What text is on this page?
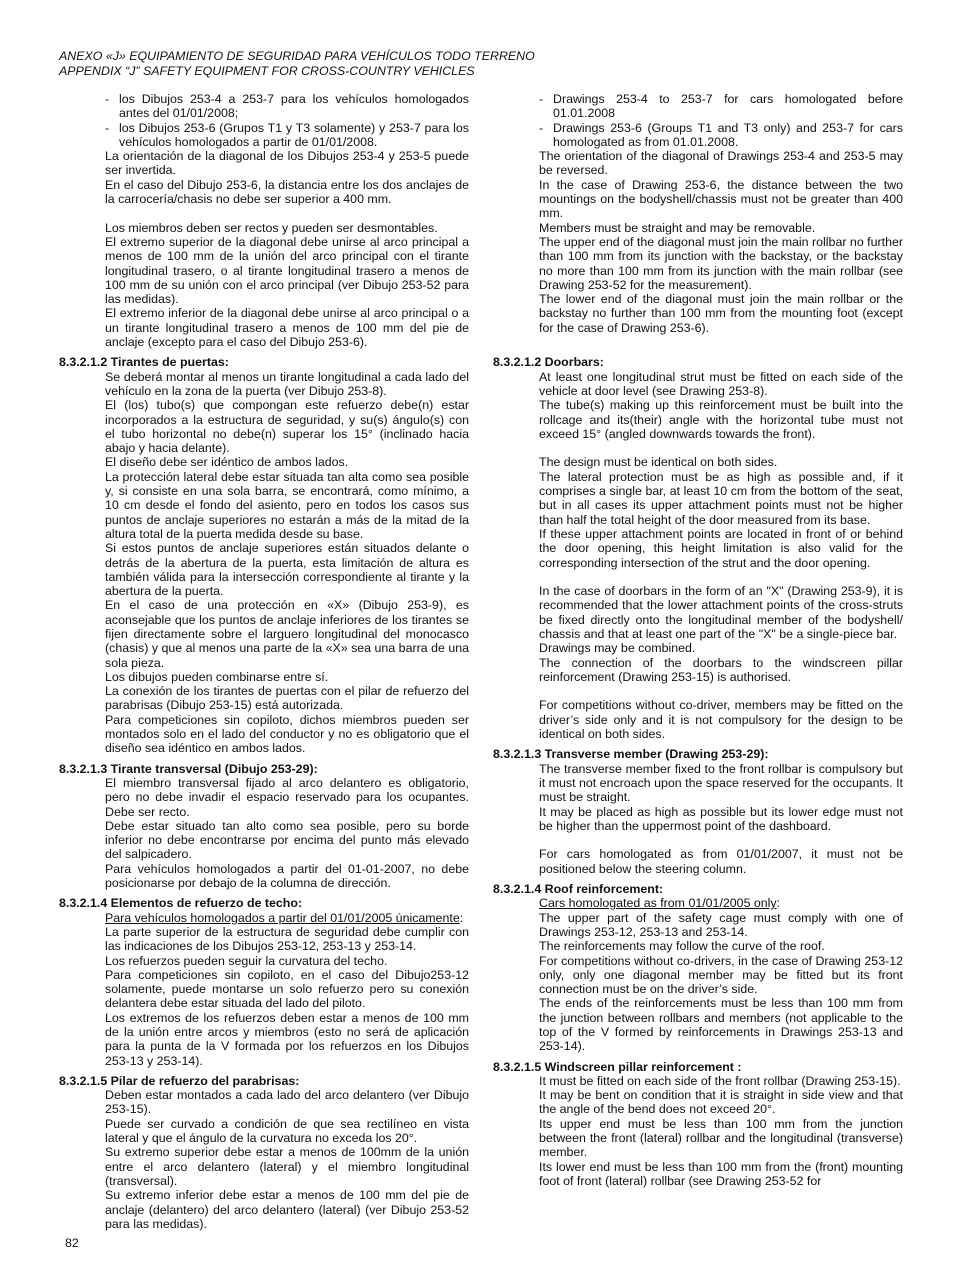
ANEXO «J» EQUIPAMIENTO DE SEGURIDAD PARA VEHÍCULOS TODO TERRENO
APPENDIX “J” SAFETY EQUIPMENT FOR CROSS-COUNTRY VEHICLES
- los Dibujos 253-4 a 253-7 para los vehículos homologados antes del 01/01/2008;
- los Dibujos 253-6 (Grupos T1 y T3 solamente) y 253-7 para los vehículos homologados a partir de 01/01/2008.
La orientación de la diagonal de los Dibujos 253-4 y 253-5 puede ser invertida.
En el caso del Dibujo 253-6, la distancia entre los dos anclajes de la carrocería/chasis no debe ser superior a 400 mm.
Los miembros deben ser rectos y pueden ser desmontables.
El extremo superior de la diagonal debe unirse al arco principal a menos de 100 mm de la unión del arco principal con el tirante longitudinal trasero, o al tirante longitudinal trasero a menos de 100 mm de su unión con el arco principal (ver Dibujo 253-52 para las medidas).
El extremo inferior de la diagonal debe unirse al arco principal o a un tirante longitudinal trasero a menos de 100 mm del pie de anclaje (excepto para el caso del Dibujo 253-6).
8.3.2.1.2 Tirantes de puertas:
Se deberá montar al menos un tirante longitudinal a cada lado del vehículo en la zona de la puerta (ver Dibujo 253-8).
El (los) tubo(s) que compongan este refuerzo debe(n) estar incorporados a la estructura de seguridad, y su(s) ángulo(s) con el tubo horizontal no debe(n) superar los 15° (inclinado hacia abajo y hacia delante).
El diseño debe ser idéntico de ambos lados.
La protección lateral debe estar situada tan alta como sea posible y, si consiste en una sola barra, se encontrará, como mínimo, a 10 cm desde el fondo del asiento, pero en todos los casos sus puntos de anclaje superiores no estarán a más de la mitad de la altura total de la puerta medida desde su base.
Si estos puntos de anclaje superiores están situados delante o detrás de la abertura de la puerta, esta limitación de altura es también válida para la intersección correspondiente al tirante y la abertura de la puerta.
En el caso de una protección en «X» (Dibujo 253-9), es aconsejable que los puntos de anclaje inferiores de los tirantes se fijen directamente sobre el larguero longitudinal del monocasco (chasis) y que al menos una parte de la «X» sea una barra de una sola pieza.
Los dibujos pueden combinarse entre sí.
La conexión de los tirantes de puertas con el pilar de refuerzo del parabrisas (Dibujo 253-15) está autorizada.
Para competiciones sin copiloto, dichos miembros pueden ser montados solo en el lado del conductor y no es obligatorio que el diseño sea idéntico en ambos lados.
8.3.2.1.3 Tirante transversal (Dibujo 253-29):
El miembro transversal fijado al arco delantero es obligatorio, pero no debe invadir el espacio reservado para los ocupantes. Debe ser recto.
Debe estar situado tan alto como sea posible, pero su borde inferior no debe encontrarse por encima del punto más elevado del salpicadero.
Para vehículos homologados a partir del 01-01-2007, no debe posicionarse por debajo de la columna de dirección.
8.3.2.1.4 Elementos de refuerzo de techo:
Para vehículos homologados a partir del 01/01/2005 únicamente:
La parte superior de la estructura de seguridad debe cumplir con las indicaciones de los Dibujos 253-12, 253-13 y 253-14.
Los refuerzos pueden seguir la curvatura del techo.
Para competiciones sin copiloto, en el caso del Dibujo253-12 solamente, puede montarse un solo refuerzo pero su conexión delantera debe estar situada del lado del piloto.
Los extremos de los refuerzos deben estar a menos de 100 mm de la unión entre arcos y miembros (esto no será de aplicación para la punta de la V formada por los refuerzos en los Dibujos 253-13 y 253-14).
8.3.2.1.5 Pilar de refuerzo del parabrisas:
Deben estar montados a cada lado del arco delantero (ver Dibujo 253-15).
Puede ser curvado a condición de que sea rectilíneo en vista lateral y que el ángulo de la curvatura no exceda los 20°.
Su extremo superior debe estar a menos de 100mm de la unión entre el arco delantero (lateral) y el miembro longitudinal (transversal).
Su extremo inferior debe estar a menos de 100 mm del pie de anclaje (delantero) del arco delantero (lateral) (ver Dibujo 253-52 para las medidas).
- Drawings 253-4 to 253-7 for cars homologated before 01.01.2008
- Drawings 253-6 (Groups T1 and T3 only) and 253-7 for cars homologated as from 01.01.2008.
The orientation of the diagonal of Drawings 253-4 and 253-5 may be reversed.
In the case of Drawing 253-6, the distance between the two mountings on the bodyshell/chassis must not be greater than 400 mm.
Members must be straight and may be removable.
The upper end of the diagonal must join the main rollbar no further than 100 mm from its junction with the backstay, or the backstay no more than 100 mm from its junction with the main rollbar (see Drawing 253-52 for the measurement).
The lower end of the diagonal must join the main rollbar or the backstay no further than 100 mm from the mounting foot (except for the case of Drawing 253-6).
8.3.2.1.2 Doorbars:
At least one longitudinal strut must be fitted on each side of the vehicle at door level (see Drawing 253-8).
The tube(s) making up this reinforcement must be built into the rollcage and its(their) angle with the horizontal tube must not exceed 15° (angled downwards towards the front).
The design must be identical on both sides.
The lateral protection must be as high as possible and, if it comprises a single bar, at least 10 cm from the bottom of the seat, but in all cases its upper attachment points must not be higher than half the total height of the door measured from its base.
If these upper attachment points are located in front of or behind the door opening, this height limitation is also valid for the corresponding intersection of the strut and the door opening.
In the case of doorbars in the form of an "X" (Drawing 253-9), it is recommended that the lower attachment points of the cross-struts be fixed directly onto the longitudinal member of the bodyshell/ chassis and that at least one part of the "X" be a single-piece bar.
Drawings may be combined.
The connection of the doorbars to the windscreen pillar reinforcement (Drawing 253-15) is authorised.
For competitions without co-driver, members may be fitted on the driver’s side only and it is not compulsory for the design to be identical on both sides.
8.3.2.1.3 Transverse member (Drawing 253-29):
The transverse member fixed to the front rollbar is compulsory but it must not encroach upon the space reserved for the occupants. It must be straight.
It may be placed as high as possible but its lower edge must not be higher than the uppermost point of the dashboard.
For cars homologated as from 01/01/2007, it must not be positioned below the steering column.
8.3.2.1.4 Roof reinforcement:
Cars homologated as from 01/01/2005 only:
The upper part of the safety cage must comply with one of Drawings 253-12, 253-13 and 253-14.
The reinforcements may follow the curve of the roof.
For competitions without co-drivers, in the case of Drawing 253-12 only, only one diagonal member may be fitted but its front connection must be on the driver’s side.
The ends of the reinforcements must be less than 100 mm from the junction between rollbars and members (not applicable to the top of the V formed by reinforcements in Drawings 253-13 and 253-14).
8.3.2.1.5 Windscreen pillar reinforcement :
It must be fitted on each side of the front rollbar (Drawing 253-15).
It may be bent on condition that it is straight in side view and that the angle of the bend does not exceed 20°.
Its upper end must be less than 100 mm from the junction between the front (lateral) rollbar and the longitudinal (transverse) member.
Its lower end must be less than 100 mm from the (front) mounting foot of front (lateral) rollbar (see Drawing 253-52 for
82
